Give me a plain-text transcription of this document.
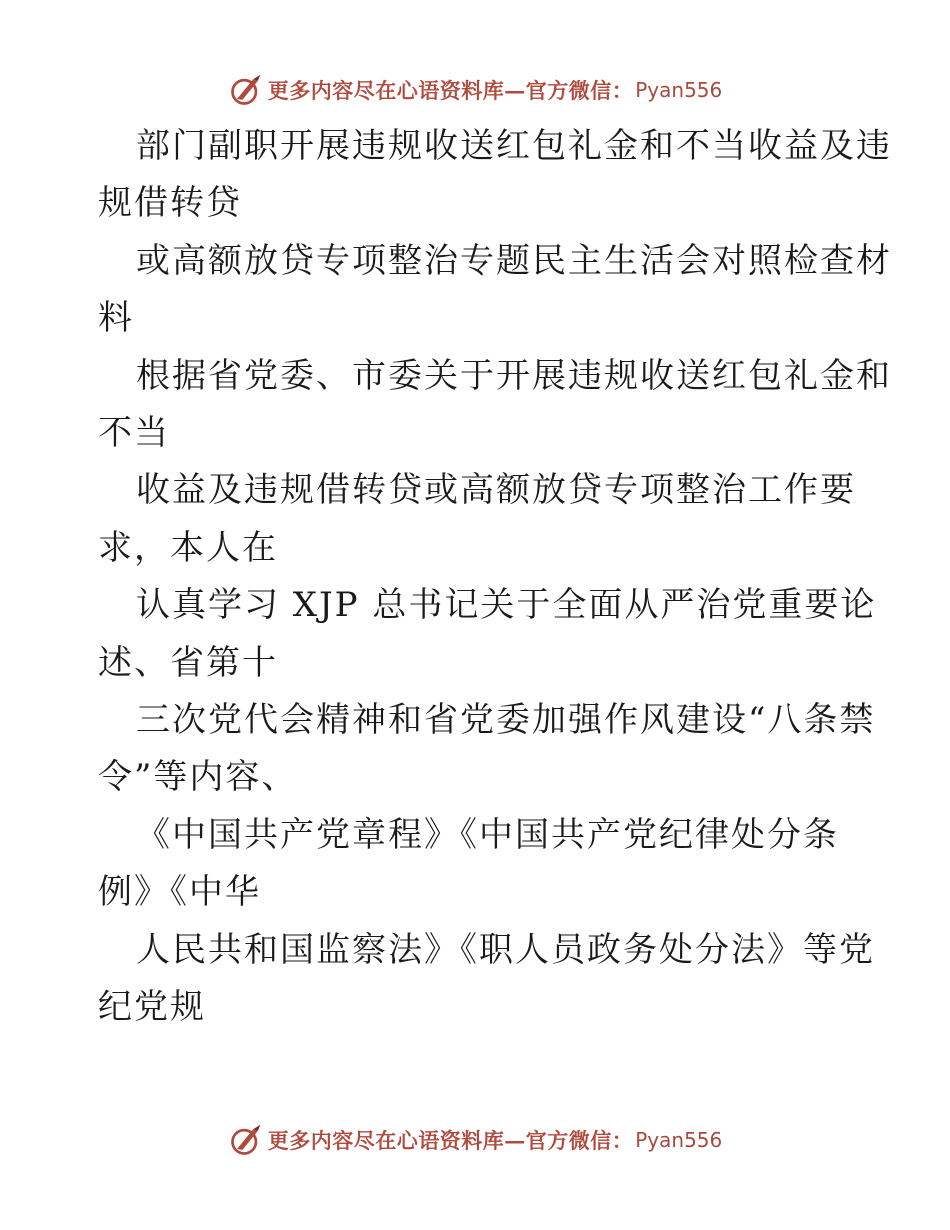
更多内容尽在心语资料库—官方微信： Pyan556

部门副职开展违规收送红包礼金和不当收益及违

规借转贷

或高额放贷专项整治专题民主生活会对照检查材

料

根据省党委、市委关于开展违规收送红包礼金和

不当

收益及违规借转贷或高额放贷专项整治工作要

求，本人在

认真学习 XJP 总书记关于全面从严治党重要论

述、省第十

三次党代会精神和省党委加强作风建设“八条禁

令”等内容、

《中国共产党章程》《中国共产党纪律处分条

例》《中华

人民共和国监察法》《职人员政务处分法》等党

纪党规

更多内容尽在心语资料库—官方微信： Pyan556
